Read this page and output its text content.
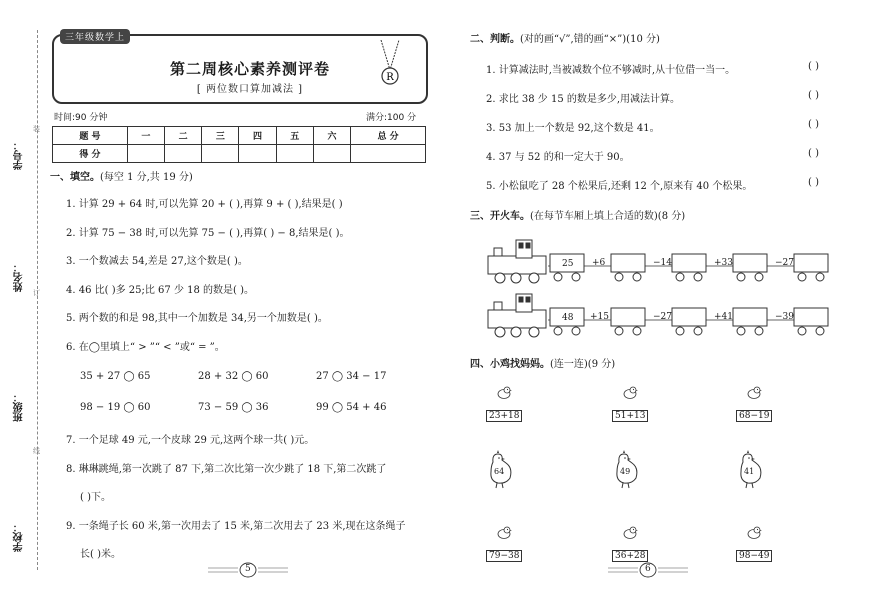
学号：
姓名：
班级：
学校：
装
订
线
三年级数学上
第二周核心素养测评卷
[ 两位数口算加减法 ]
R
时间:90 分钟	满分:100 分
题 号	一	二	三	四	五	六	总 分
得 分							
一、填空。(每空 1 分,共 19 分)
1. 计算 29 + 64 时,可以先算 20 + ( ),再算 9 + ( ),结果是( )
2. 计算 75 − 38 时,可以先算 75 − ( ),再算( ) − 8,结果是( )。
3. 一个数减去 54,差是 27,这个数是( )。
4. 46 比( )多 25;比 67 少 18 的数是( )。
5. 两个数的和是 98,其中一个加数是 34,另一个加数是( )。
6. 在◯里填上“ > ”“ < ”或“ = ”。
35 + 27 ◯ 65	28 + 32 ◯ 60	27 ◯ 34 − 17
98 − 19 ◯ 60	73 − 59 ◯ 36	99 ◯ 54 + 46
7. 一个足球 49 元,一个皮球 29 元,这两个球一共( )元。
8. 琳琳跳绳,第一次跳了 87 下,第二次比第一次少跳了 18 下,第二次跳了
( )下。
9. 一条绳子长 60 米,第一次用去了 15 米,第二次用去了 23 米,现在这条绳子
长( )米。
5
二、判断。(对的画“√”,错的画“×”)(10 分)
1. 计算减法时,当被减数个位不够减时,从十位借一当一。
2. 求比 38 少 15 的数是多少,用减法计算。
3. 53 加上一个数是 92,这个数是 41。
4. 37 与 52 的和一定大于 90。
5. 小松鼠吃了 28 个松果后,还剩 12 个,原来有 40 个松果。
( )
( )
( )
( )
( )
三、开火车。(在每节车厢上填上合适的数)(8 分)
25 +6	−14	+33	−27
48 +15	−27	+41	−39
四、小鸡找妈妈。(连一连)(9 分)

23+18	51+13	68−19
64	49	41

79−38	36+28	98−49
6
